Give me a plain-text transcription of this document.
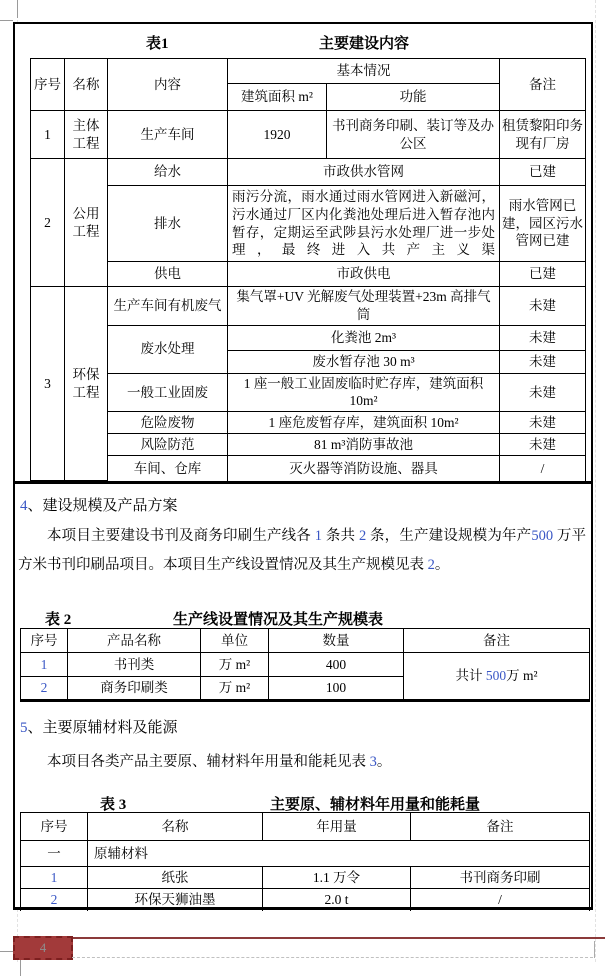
表1	主要建设内容
序号	名称	内容	基本情况		备注
			建筑面积 m²	功能	
1	主体工程	生产车间	1920	书刊商务印刷、装订等及办公区	租赁黎阳印务现有厂房
2	公用工程	给水	市政供水管网		已建
		排水	雨污分流，雨水通过雨水管网进入新磁河，污水通过厂区内化粪池处理后进入暂存池内暂存，定期运至武陟县污水处理厂进一步处理，最终进入共产主义渠		雨水管网已建，园区污水管网已建
		供电	市政供电		已建
3	环保工程	生产车间有机废气	集气罩+UV 光解废气处理装置+23m 高排气筒		未建
		废水处理	化粪池 2m³		未建
			废水暂存池 30 m³		未建
		一般工业固废	1 座一般工业固废临时贮存库，建筑面积 10m²		未建
		危险废物	1 座危废暂存库，建筑面积 10m²		未建
		风险防范	81 m³消防事故池		未建
		车间、仓库	灭火器等消防设施、器具		/
4、建设规模及产品方案

本项目主要建设书刊及商务印刷生产线各 1 条共 2 条，生产建设规模为年产500 万平方米书刊印刷品项目。本项目生产线设置情况及其生产规模见表 2。

表 2	生产线设置情况及其生产规模表
序号	产品名称	单位	数量	备注
1	书刊类	万 m²	400	共计 500万 m²
2	商务印刷类	万 m²	100	
5、主要原辅材料及能源

本项目各类产品主要原、辅材料年用量和能耗见表 3。

表 3	主要原、辅材料年用量和能耗量
序号	名称	年用量	备注
一	原辅材料		
1	纸张	1.1 万令	书刊商务印刷
2	环保天狮油墨	2.0 t	/
4
